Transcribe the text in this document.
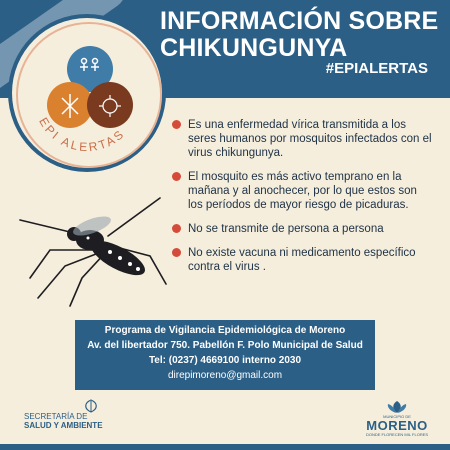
INFORMACIÓN SOBRE
CHIKUNGUNYA
#EPIALERTAS
EPI ALERTAS
Es una enfermedad vírica transmitida a los seres humanos por mosquitos infectados con el virus chikungunya.
El mosquito es más activo temprano en la mañana y al anochecer, por lo que estos son los períodos de mayor riesgo de picaduras.
No se transmite de persona a persona
No existe vacuna ni medicamento específico contra el virus .
Programa de Vigilancia Epidemiológica de Moreno
Av. del libertador 750. Pabellón F. Polo Municipal de Salud
Tel: (0237) 4669100 interno 2030
direpimoreno@gmail.com
SECRETARÍA DE
SALUD Y AMBIENTE
MUNICIPIO DE
MORENO
DONDE FLORECEN MIL FLORES
